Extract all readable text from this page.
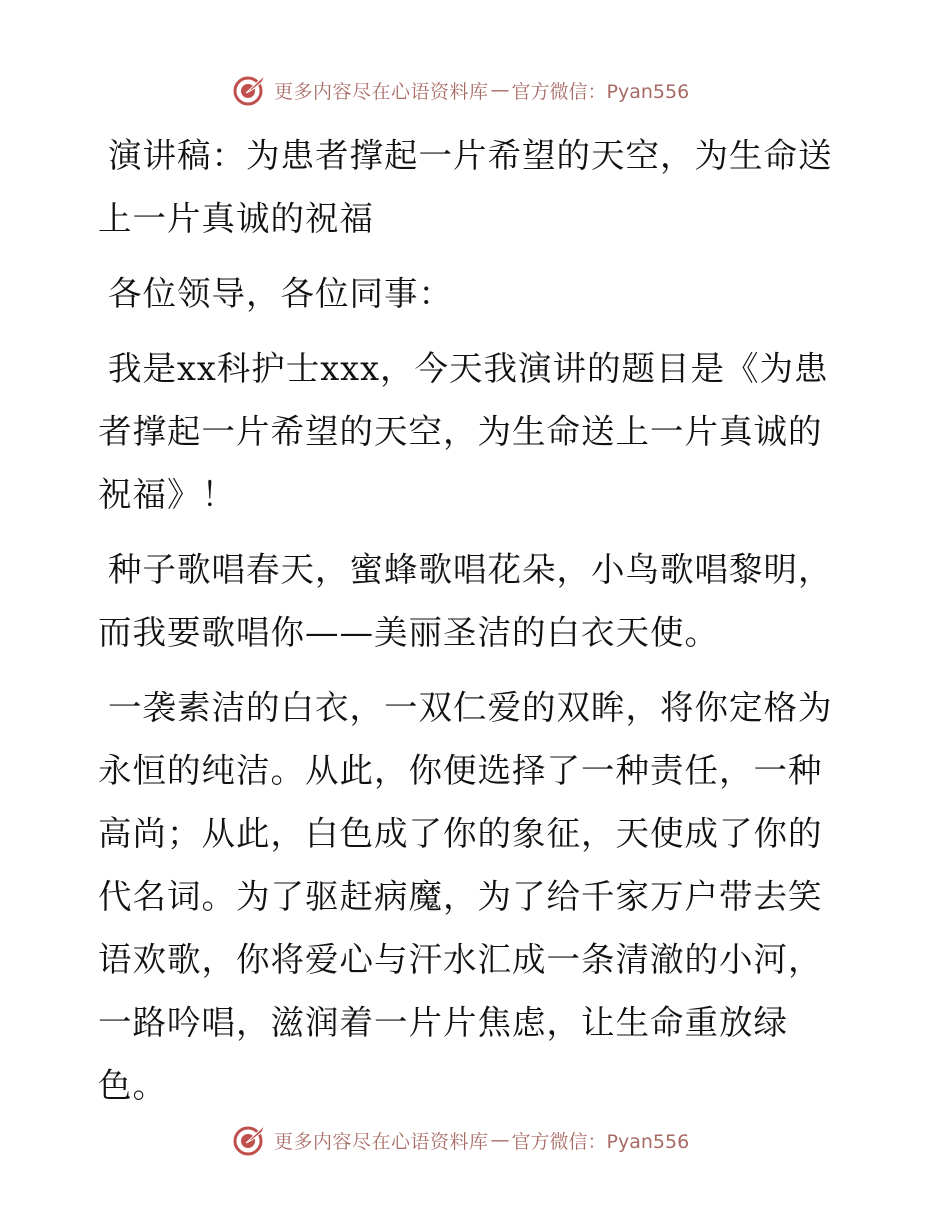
更多内容尽在心语资料库 — 官方微信：Pyan556

演讲稿：为患者撑起一片希望的天空，为生命送上一片真诚的祝福

各位领导，各位同事：

我是xx科护士xxx，今天我演讲的题目是《为患者撑起一片希望的天空，为生命送上一片真诚的祝福》！

种子歌唱春天，蜜蜂歌唱花朵，小鸟歌唱黎明，而我要歌唱你——美丽圣洁的白衣天使。

一袭素洁的白衣，一双仁爱的双眸，将你定格为永恒的纯洁。从此，你便选择了一种责任，一种高尚；从此，白色成了你的象征，天使成了你的代名词。为了驱赶病魔，为了给千家万户带去笑语欢歌，你将爱心与汗水汇成一条清澈的小河，一路吟唱，滋润着一片片焦虑，让生命重放绿色。

更多内容尽在心语资料库 — 官方微信：Pyan556
